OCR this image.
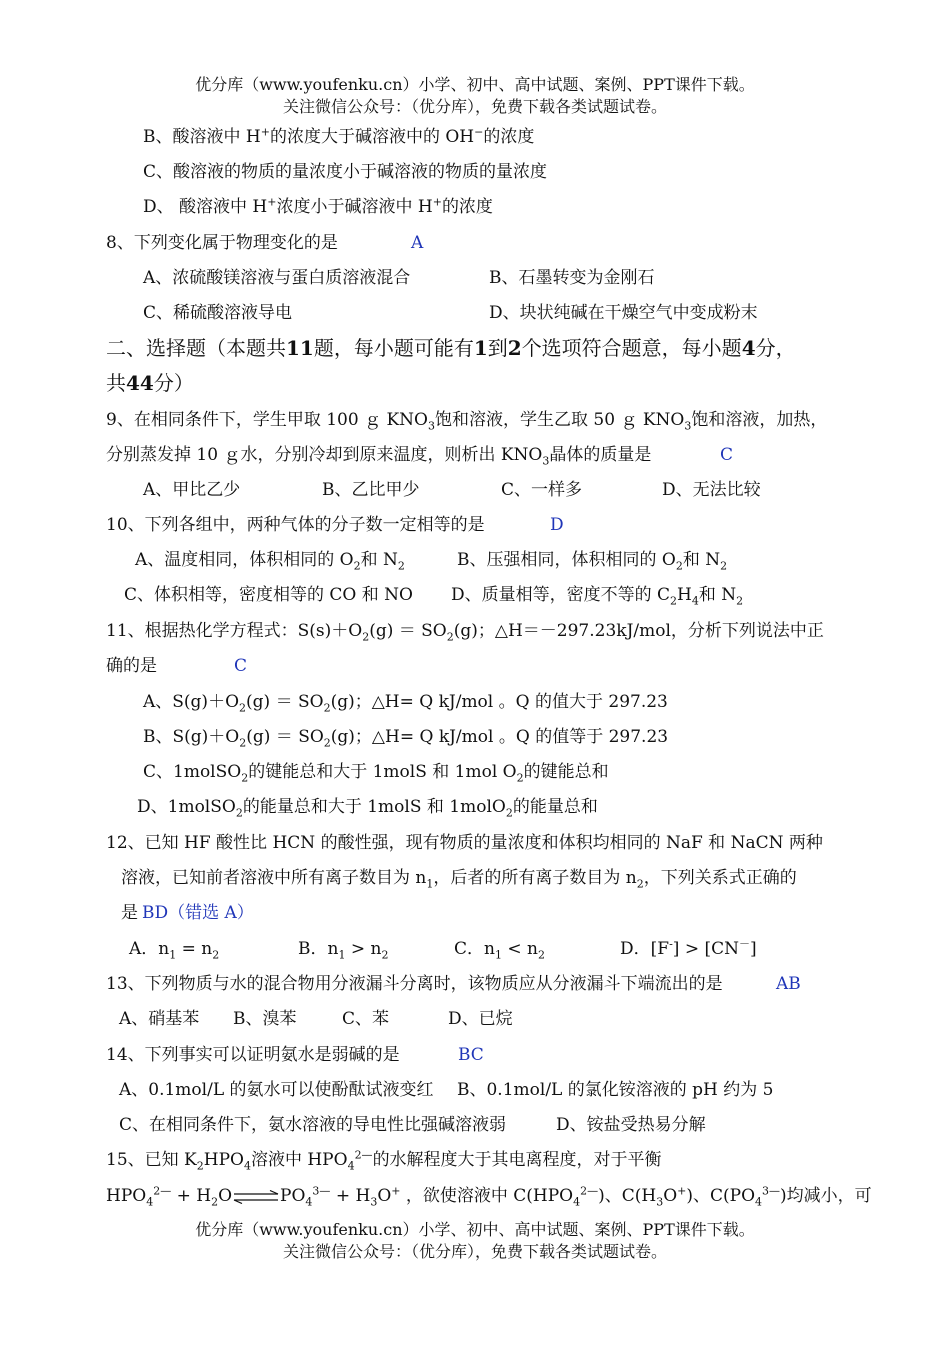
优分库（www.youfenku.cn）小学、初中、高中试题、案例、PPT课件下载。
关注微信公众号：（优分库），免费下载各类试题试卷。
B、酸溶液中 H+的浓度大于碱溶液中的 OH−的浓度
C、酸溶液的物质的量浓度小于碱溶液的物质的量浓度
D、 酸溶液中 H+浓度小于碱溶液中 H+的浓度
8、下列变化属于物理变化的是	A
A、浓硫酸镁溶液与蛋白质溶液混合	B、石墨转变为金刚石
C、稀硫酸溶液导电	D、块状纯碱在干燥空气中变成粉末
二、选择题（本题共11题，每小题可能有1到2个选项符合题意，每小题4分，
共44分）
9、在相同条件下，学生甲取 100 ｇ $KNO_3$饱和溶液，学生乙取 50 ｇ $KNO_3$饱和溶液，加热，
分别蒸发掉 10 ｇ水，分别冷却到原来温度，则析出 $KNO_3$晶体的质量是	C
A、甲比乙少	B、乙比甲少	C、一样多	D、无法比较
10、下列各组中，两种气体的分子数一定相等的是	D
A、温度相同，体积相同的 $O_2$和 $N_2$	B、压强相同，体积相同的 $O_2$和 $N_2$
C、体积相等，密度相等的 CO 和 NO D、质量相等，密度不等的 $C_2H_4$和 $N_2$
11、根据热化学方程式：$S(s)+O_2(g) = SO_2(g)$；△H＝－297.23kJ/mol，分析下列说法中正
确的是	C
A、$S(g)+O_2(g) = SO_2(g)$；△H= Q kJ/mol 。Q 的值大于 297.23
B、$S(g)+O_2(g) = SO_2(g)$；△H= Q kJ/mol 。Q 的值等于 297.23
C、1molSO$_2$的键能总和大于 1molS 和 1mol $O_2$的键能总和
D、1molSO$_2$的能量总和大于 1molS 和 1molO$_2$的能量总和
12、已知 HF 酸性比 HCN 的酸性强，现有物质的量浓度和体积均相同的 NaF 和 NaCN 两种
溶液，已知前者溶液中所有离子数目为 $n_1$，后者的所有离子数目为 $n_2$，下列关系式正确的
是 BD（错选 A）
A．$n_1 = n_2$	B．$n_1 > n_2$	C．$n_1 < n_2$	D．[F-] > [CN－]
13、下列物质与水的混合物用分液漏斗分离时，该物质应从分液漏斗下端流出的是	AB
A、硝基苯 B、溴苯	C、苯	D、已烷
14、下列事实可以证明氨水是弱碱的是	BC
A、0.1mol/L 的氨水可以使酚酞试液变红 B、0.1mol/L 的氯化铵溶液的 pH 约为 5
C、在相同条件下，氨水溶液的导电性比强碱溶液弱	D、铵盐受热易分解
15、已知 $K_2HPO_4$溶液中 $HPO_4^{2—}$的水解程度大于其电离程度，对于平衡
$HPO_4^{2—}$ + $H_2O\rightleftharpoons PO_4^{3—} + H_3O^+$ ，欲使溶液中 $C(HPO_4^{2—})$、$C(H_3O^+)$、$C(PO_4^{3—})$均减小，可
优分库（www.youfenku.cn）小学、初中、高中试题、案例、PPT课件下载。
关注微信公众号：（优分库），免费下载各类试题试卷。
